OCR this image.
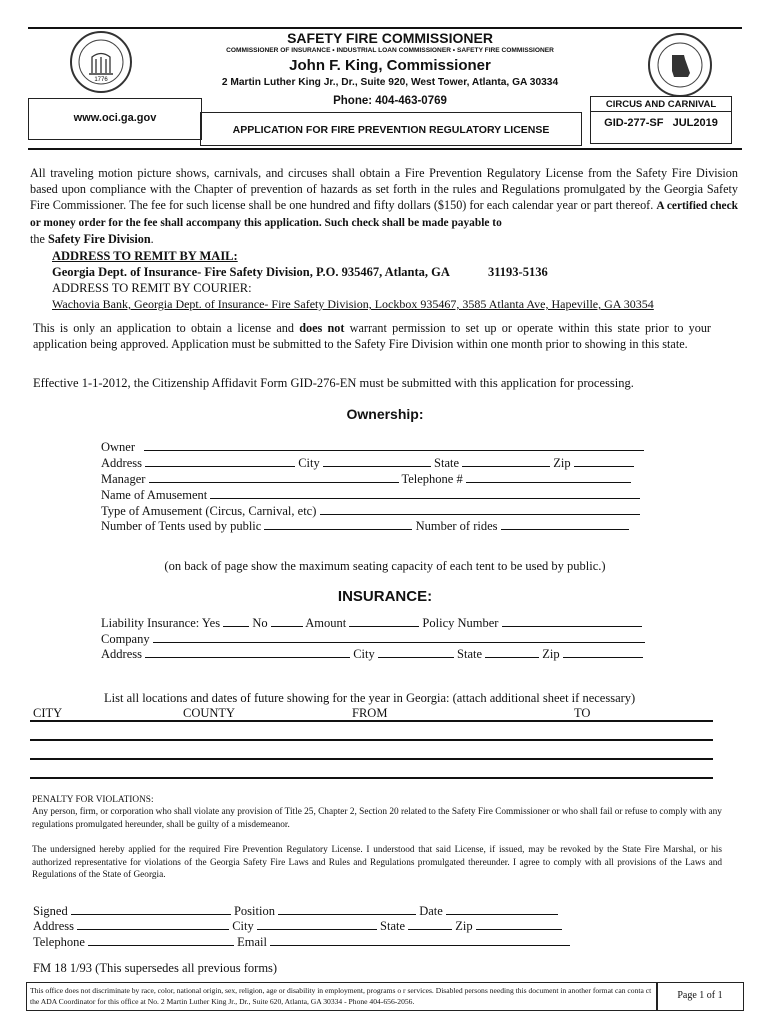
1776
SAFETY FIRE COMMISSIONER
COMMISSIONER OF INSURANCE • INDUSTRIAL LOAN COMMISSIONER • SAFETY FIRE COMMISSIONER
John F. King, Commissioner
2 Martin Luther King Jr., Dr., Suite 920, West Tower, Atlanta, GA 30334
Phone: 404-463-0769
www.oci.ga.gov
APPLICATION FOR FIRE PREVENTION REGULATORY LICENSE
CIRCUS AND CARNIVAL
GID-277-SF   JUL2019
All traveling motion picture shows, carnivals, and circuses shall obtain a Fire Prevention Regulatory License from the Safety Fire Division based upon compliance with the Chapter of prevention of hazards as set forth in the rules and Regulations promulgated by the Georgia Safety Fire Commissioner. The fee for such license shall be one hundred and fifty dollars ($150) for each calendar year or part thereof. A certified check or money order for the fee shall accompany this application. Such check shall be made payable to
the Safety Fire Division.
ADDRESS TO REMIT BY MAIL:
Georgia Dept. of Insurance- Fire Safety Division, P.O. 935467, Atlanta, GA	31193-5136
ADDRESS TO REMIT BY COURIER:
Wachovia Bank, Georgia Dept. of Insurance- Fire Safety Division, Lockbox 935467, 3585 Atlanta Ave, Hapeville, GA 30354
This is only an application to obtain a license and does not warrant permission to set up or operate within this state prior to your application being approved. Application must be submitted to the Safety Fire Division within one month prior to showing in this state.
Effective 1-1-2012, the Citizenship Affidavit Form GID-276-EN must be submitted with this application for processing.
Ownership:
Owner
Address	City	State	Zip
Manager	Telephone #
Name of Amusement
Type of Amusement (Circus, Carnival, etc)
Number of Tents used by public	Number of rides
(on back of page show the maximum seating capacity of each tent to be used by public.)
INSURANCE:
Liability Insurance: Yes	No	Amount	Policy Number
Company
Address	City	State	Zip
List all locations and dates of future showing for the year in Georgia: (attach additional sheet if necessary)
CITY	COUNTY	FROM	TO
PENALTY FOR VIOLATIONS:
Any person, firm, or corporation who shall violate any provision of Title 25, Chapter 2, Section 20 related to the Safety Fire Commissioner or who shall fail or refuse to comply with any regulations promulgated hereunder, shall be guilty of a misdemeanor.
The undersigned hereby applied for the required Fire Prevention Regulatory License. I understood that said License, if issued, may be revoked by the State Fire Marshal, or his authorized representative for violations of the Georgia Safety Fire Laws and Rules and Regulations promulgated thereunder. I agree to comply with all provisions of the Laws and Regulations of the State of Georgia.
Signed	Position	Date
Address	City	State	Zip
Telephone	Email
FM 18 1/93 (This supersedes all previous forms)
This office does not discriminate by race, color, national origin, sex, religion, age or disability in employment, programs o r services. Disabled persons needing this document in another format can conta ct the ADA Coordinator for this office at No. 2 Martin Luther King Jr., Dr., Suite 620, Atlanta, GA 30334 - Phone 404-656-2056.
Page 1 of 1
